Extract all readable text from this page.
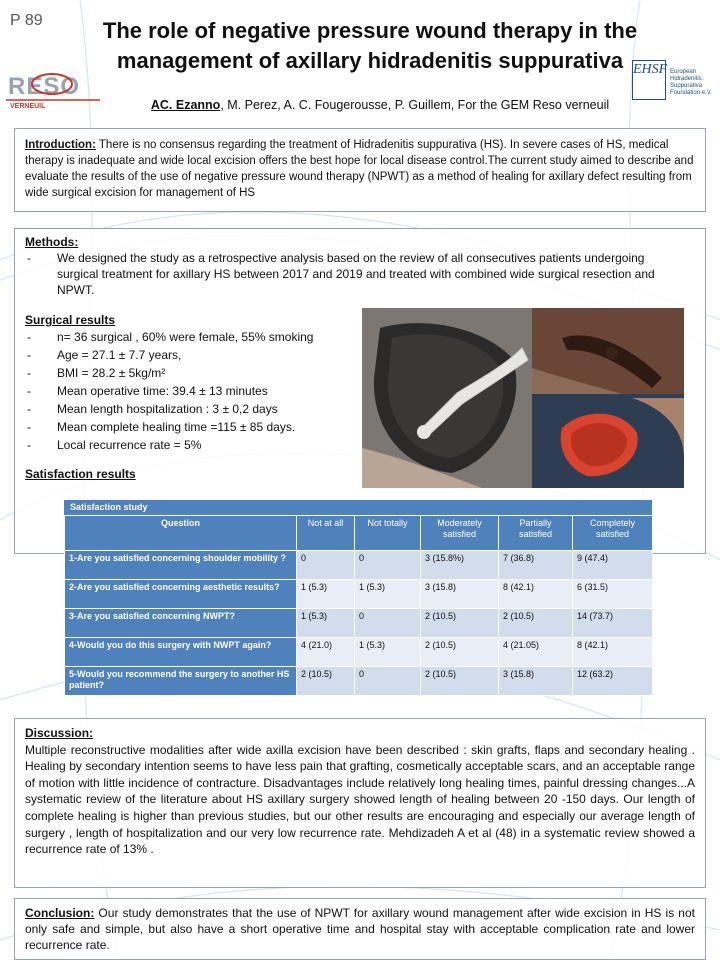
P 89	The role of negative pressure wound therapy in the
management of axillary hidradenitis suppurativa
RESO
VERNEUIL
EHSF European
Hidradenitis
Suppurativa
Foundation e.V.
AC. Ezanno, M. Perez, A. C. Fougerousse, P. Guillem, For the GEM Reso verneuil
Introduction: There is no consensus regarding the treatment of Hidradenitis suppurativa (HS). In severe cases of HS, medical therapy is inadequate and wide local excision offers the best hope for local disease control.The current study aimed to describe and evaluate the results of the use of negative pressure wound therapy (NPWT) as a method of healing for axillary defect resulting from wide surgical excision for management of HS
Methods:
- We designed the study as a retrospective analysis based on the review of all consecutives patients undergoing surgical treatment for axillary HS between 2017 and 2019 and treated with combined wide surgical resection and NPWT.
Surgical results
- n= 36 surgical , 60% were female, 55% smoking
- Age = 27.1 ± 7.7 years,
- BMI = 28.2 ± 5kg/m²
- Mean operative time: 39.4 ± 13 minutes
- Mean length hospitalization : 3 ± 0,2 days
- Mean complete healing time =115 ± 85 days.
- Local recurrence rate = 5%
Satisfaction results
Satisfaction study
Question	Not at all	Not totally	Moderately satisfied	Partially satisfied	Completely satisfied
1-Are you satisfied concerning shoulder mobility ?	0	0	3 (15.8%)	7 (36.8)	9 (47.4)
2-Are you satisfied concerning aesthetic results?	1 (5.3)	1 (5.3)	3 (15.8)	8 (42.1)	6 (31.5)
3-Are you satisfied concerning NWPT?	1 (5.3)	0	2 (10.5)	2 (10.5)	14 (73.7)
4-Would you do this surgery with NWPT again?	4 (21.0)	1 (5.3)	2 (10.5)	4 (21.05)	8 (42.1)
5-Would you recommend the surgery to another HS patient?	2 (10.5)	0	2 (10.5)	3 (15.8)	12 (63.2)
Discussion:
Multiple reconstructive modalities after wide axilla excision have been described : skin grafts, flaps and secondary healing . Healing by secondary intention seems to have less pain that grafting, cosmetically acceptable scars, and an acceptable range of motion with little incidence of contracture. Disadvantages include relatively long healing times, painful dressing changes...A systematic review of the literature about HS axillary surgery showed length of healing between 20 -150 days. Our length of complete healing is higher than previous studies, but our other results are encouraging and especially our average length of surgery , length of hospitalization and our very low recurrence rate. Mehdizadeh A et al (48) in a systematic review showed a recurrence rate of 13% .
Conclusion: Our study demonstrates that the use of NPWT for axillary wound management after wide excision in HS is not only safe and simple, but also have a short operative time and hospital stay with acceptable complication rate and lower recurrence rate.
